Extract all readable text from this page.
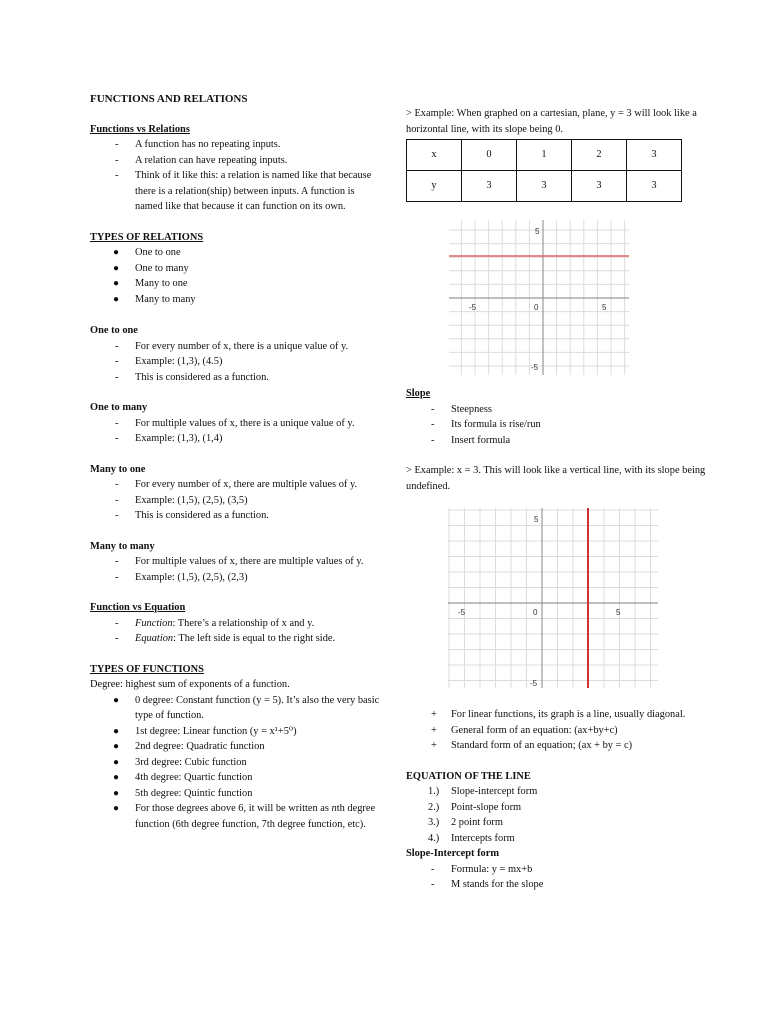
FUNCTIONS AND RELATIONS
Functions vs Relations
-	A function has no repeating inputs.
-	A relation can have repeating inputs.
-	Think of it like this: a relation is named like that because there is a relation(ship) between inputs. A function is named like that because it can function on its own.
TYPES OF RELATIONS
●	One to one
●	One to many
●	Many to one
●	Many to many
One to one
-	For every number of x, there is a unique value of y.
-	Example: (1,3), (4.5)
-	This is considered as a function.
One to many
-	For multiple values of x, there is a unique value of y.
-	Example: (1,3), (1,4)
Many to one
-	For every number of x, there are multiple values of y.
-	Example: (1,5), (2,5), (3,5)
-	This is considered as a function.
Many to many
-	For multiple values of x, there are multiple values of y.
-	Example: (1,5), (2,5), (2,3)
Function vs Equation
-	Function: There’s a relationship of x and y.
-	Equation: The left side is equal to the right side.
TYPES OF FUNCTIONS
Degree: highest sum of exponents of a function.
●	0 degree: Constant function (y = 5). It’s also the very basic type of function.
●	1st degree: Linear function (y = x¹+5⁰)
●	2nd degree: Quadratic function
●	3rd degree: Cubic function
●	4th degree: Quartic function
●	5th degree: Quintic function
●	For those degrees above 6, it will be written as nth degree function (6th degree function, 7th degree function, etc).
> Example: When graphed on a cartesian, plane, y = 3 will look like a horizontal line, with its slope being 0.
x	0	1	2	3
y	3	3	3	3
5
-5	0	5
-5
Slope
-	Steepness
-	Its formula is rise/run
-	Insert formula
> Example: x = 3. This will look like a vertical line, with its slope being undefined.
5
-5	0	5
-5
+	For linear functions, its graph is a line, usually diagonal.
+	General form of an equation: (ax+by+c)
+	Standard form of an equation; (ax + by = c)
EQUATION OF THE LINE
1.)	Slope-intercept form
2.)	Point-slope form
3.)	2 point form
4.)	Intercepts form
Slope-Intercept form
-	Formula: y = mx+b
-	M stands for the slope
